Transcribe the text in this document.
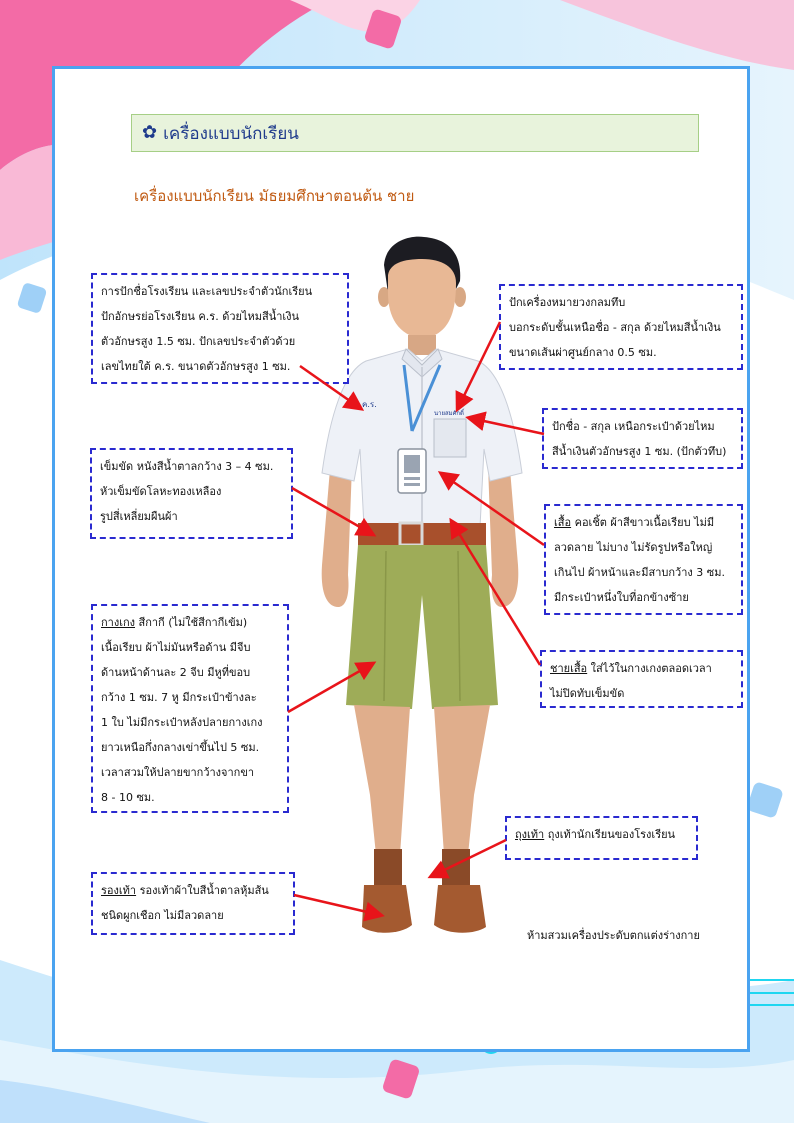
✿ เครื่องแบบนักเรียน
เครื่องแบบนักเรียน มัธยมศึกษาตอนต้น ชาย
ค.ร.
นายสมศักดิ์
การปักชื่อโรงเรียน และเลขประจำตัวนักเรียน
ปักอักษรย่อโรงเรียน ค.ร. ด้วยไหมสีน้ำเงิน
ตัวอักษรสูง 1.5 ซม. ปักเลขประจำตัวด้วย
เลขไทยใต้ ค.ร. ขนาดตัวอักษรสูง 1 ซม.
ปักเครื่องหมายวงกลมทึบ
บอกระดับชั้นเหนือชื่อ - สกุล ด้วยไหมสีน้ำเงิน
ขนาดเส้นผ่าศูนย์กลาง 0.5 ซม.
ปักชื่อ - สกุล เหนือกระเป๋าด้วยไหม
สีน้ำเงินตัวอักษรสูง 1 ซม. (ปักตัวทึบ)
เข็มขัด หนังสีน้ำตาลกว้าง 3 – 4 ซม.
หัวเข็มขัดโลหะทองเหลือง
รูปสี่เหลี่ยมผืนผ้า	เสื้อ คอเชิ้ต ผ้าสีขาวเนื้อเรียบ ไม่มี
ลวดลาย ไม่บาง ไม่รัดรูปหรือใหญ่
เกินไป ผ้าหน้าและมีสาบกว้าง 3 ซม.
มีกระเป๋าหนึ่งใบที่อกข้างซ้าย
ชายเสื้อ ใส่ไว้ในกางเกงตลอดเวลา
ไม่ปิดทับเข็มขัด
กางเกง สีกากี (ไม่ใช้สีกากีเข้ม)
เนื้อเรียบ ผ้าไม่มันหรือด้าน มีจีบ
ด้านหน้าด้านละ 2 จีบ มีหูที่ขอบ
กว้าง 1 ซม. 7 หู มีกระเป๋าข้างละ
1 ใบ ไม่มีกระเป๋าหลังปลายกางเกง
ยาวเหนือกึ่งกลางเข่าขึ้นไป 5 ซม.
เวลาสวมให้ปลายขากว้างจากขา
8 - 10 ซม.
ถุงเท้า ถุงเท้านักเรียนของโรงเรียน
รองเท้า รองเท้าผ้าใบสีน้ำตาลหุ้มส้น
ชนิดผูกเชือก ไม่มีลวดลาย
ห้ามสวมเครื่องประดับตกแต่งร่างกาย
